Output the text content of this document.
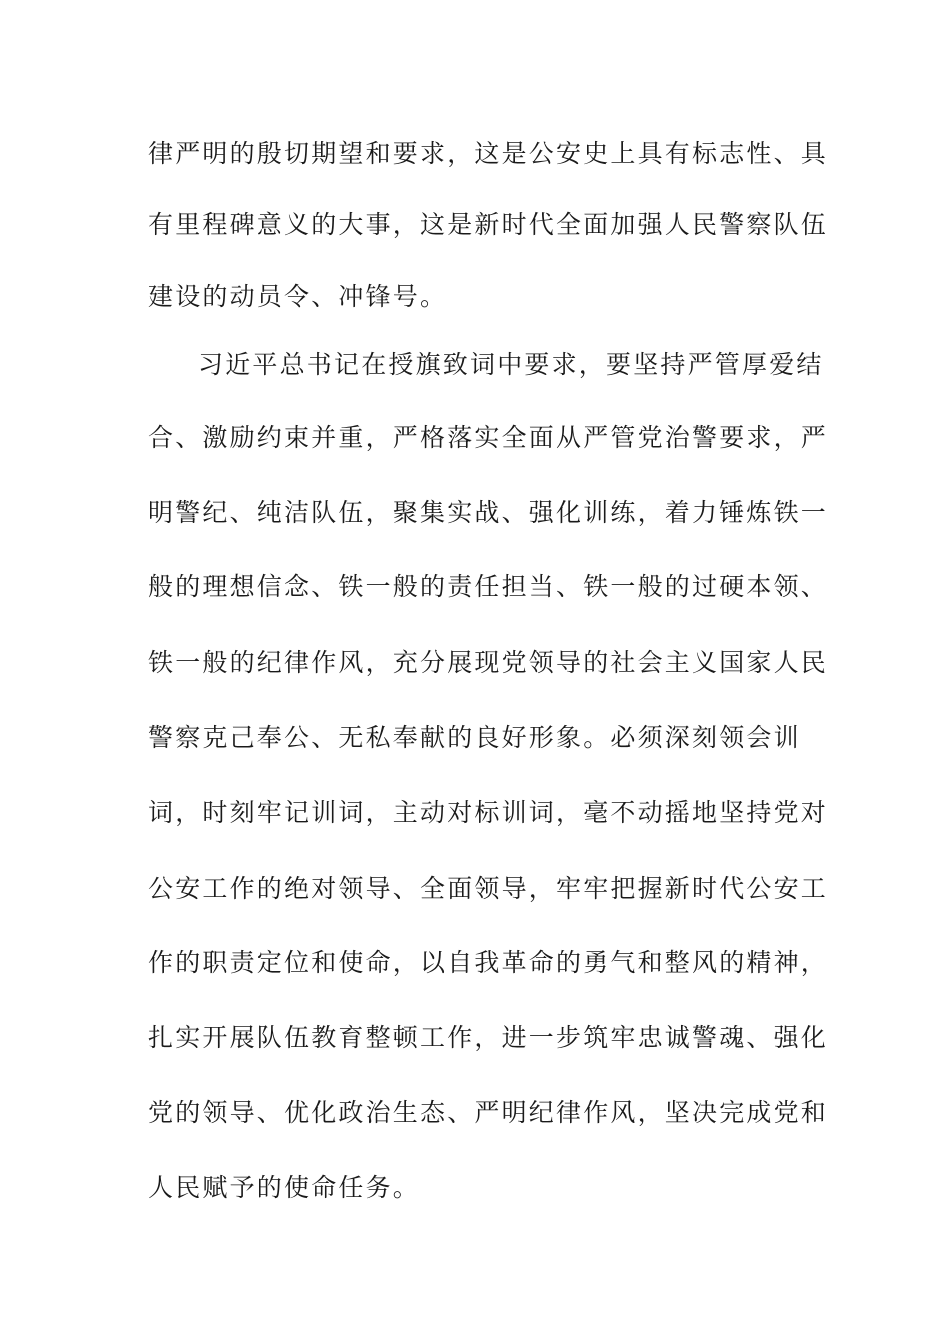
律严明的殷切期望和要求，这是公安史上具有标志性、具
有里程碑意义的大事，这是新时代全面加强人民警察队伍
建设的动员令、冲锋号。
习近平总书记在授旗致词中要求，要坚持严管厚爱结
合、激励约束并重，严格落实全面从严管党治警要求，严
明警纪、纯洁队伍，聚集实战、强化训练，着力锤炼铁一
般的理想信念、铁一般的责任担当、铁一般的过硬本领、
铁一般的纪律作风，充分展现党领导的社会主义国家人民
警察克己奉公、无私奉献的良好形象。必须深刻领会训
词，时刻牢记训词，主动对标训词，毫不动摇地坚持党对
公安工作的绝对领导、全面领导，牢牢把握新时代公安工
作的职责定位和使命，以自我革命的勇气和整风的精神，
扎实开展队伍教育整顿工作，进一步筑牢忠诚警魂、强化
党的领导、优化政治生态、严明纪律作风，坚决完成党和
人民赋予的使命任务。
